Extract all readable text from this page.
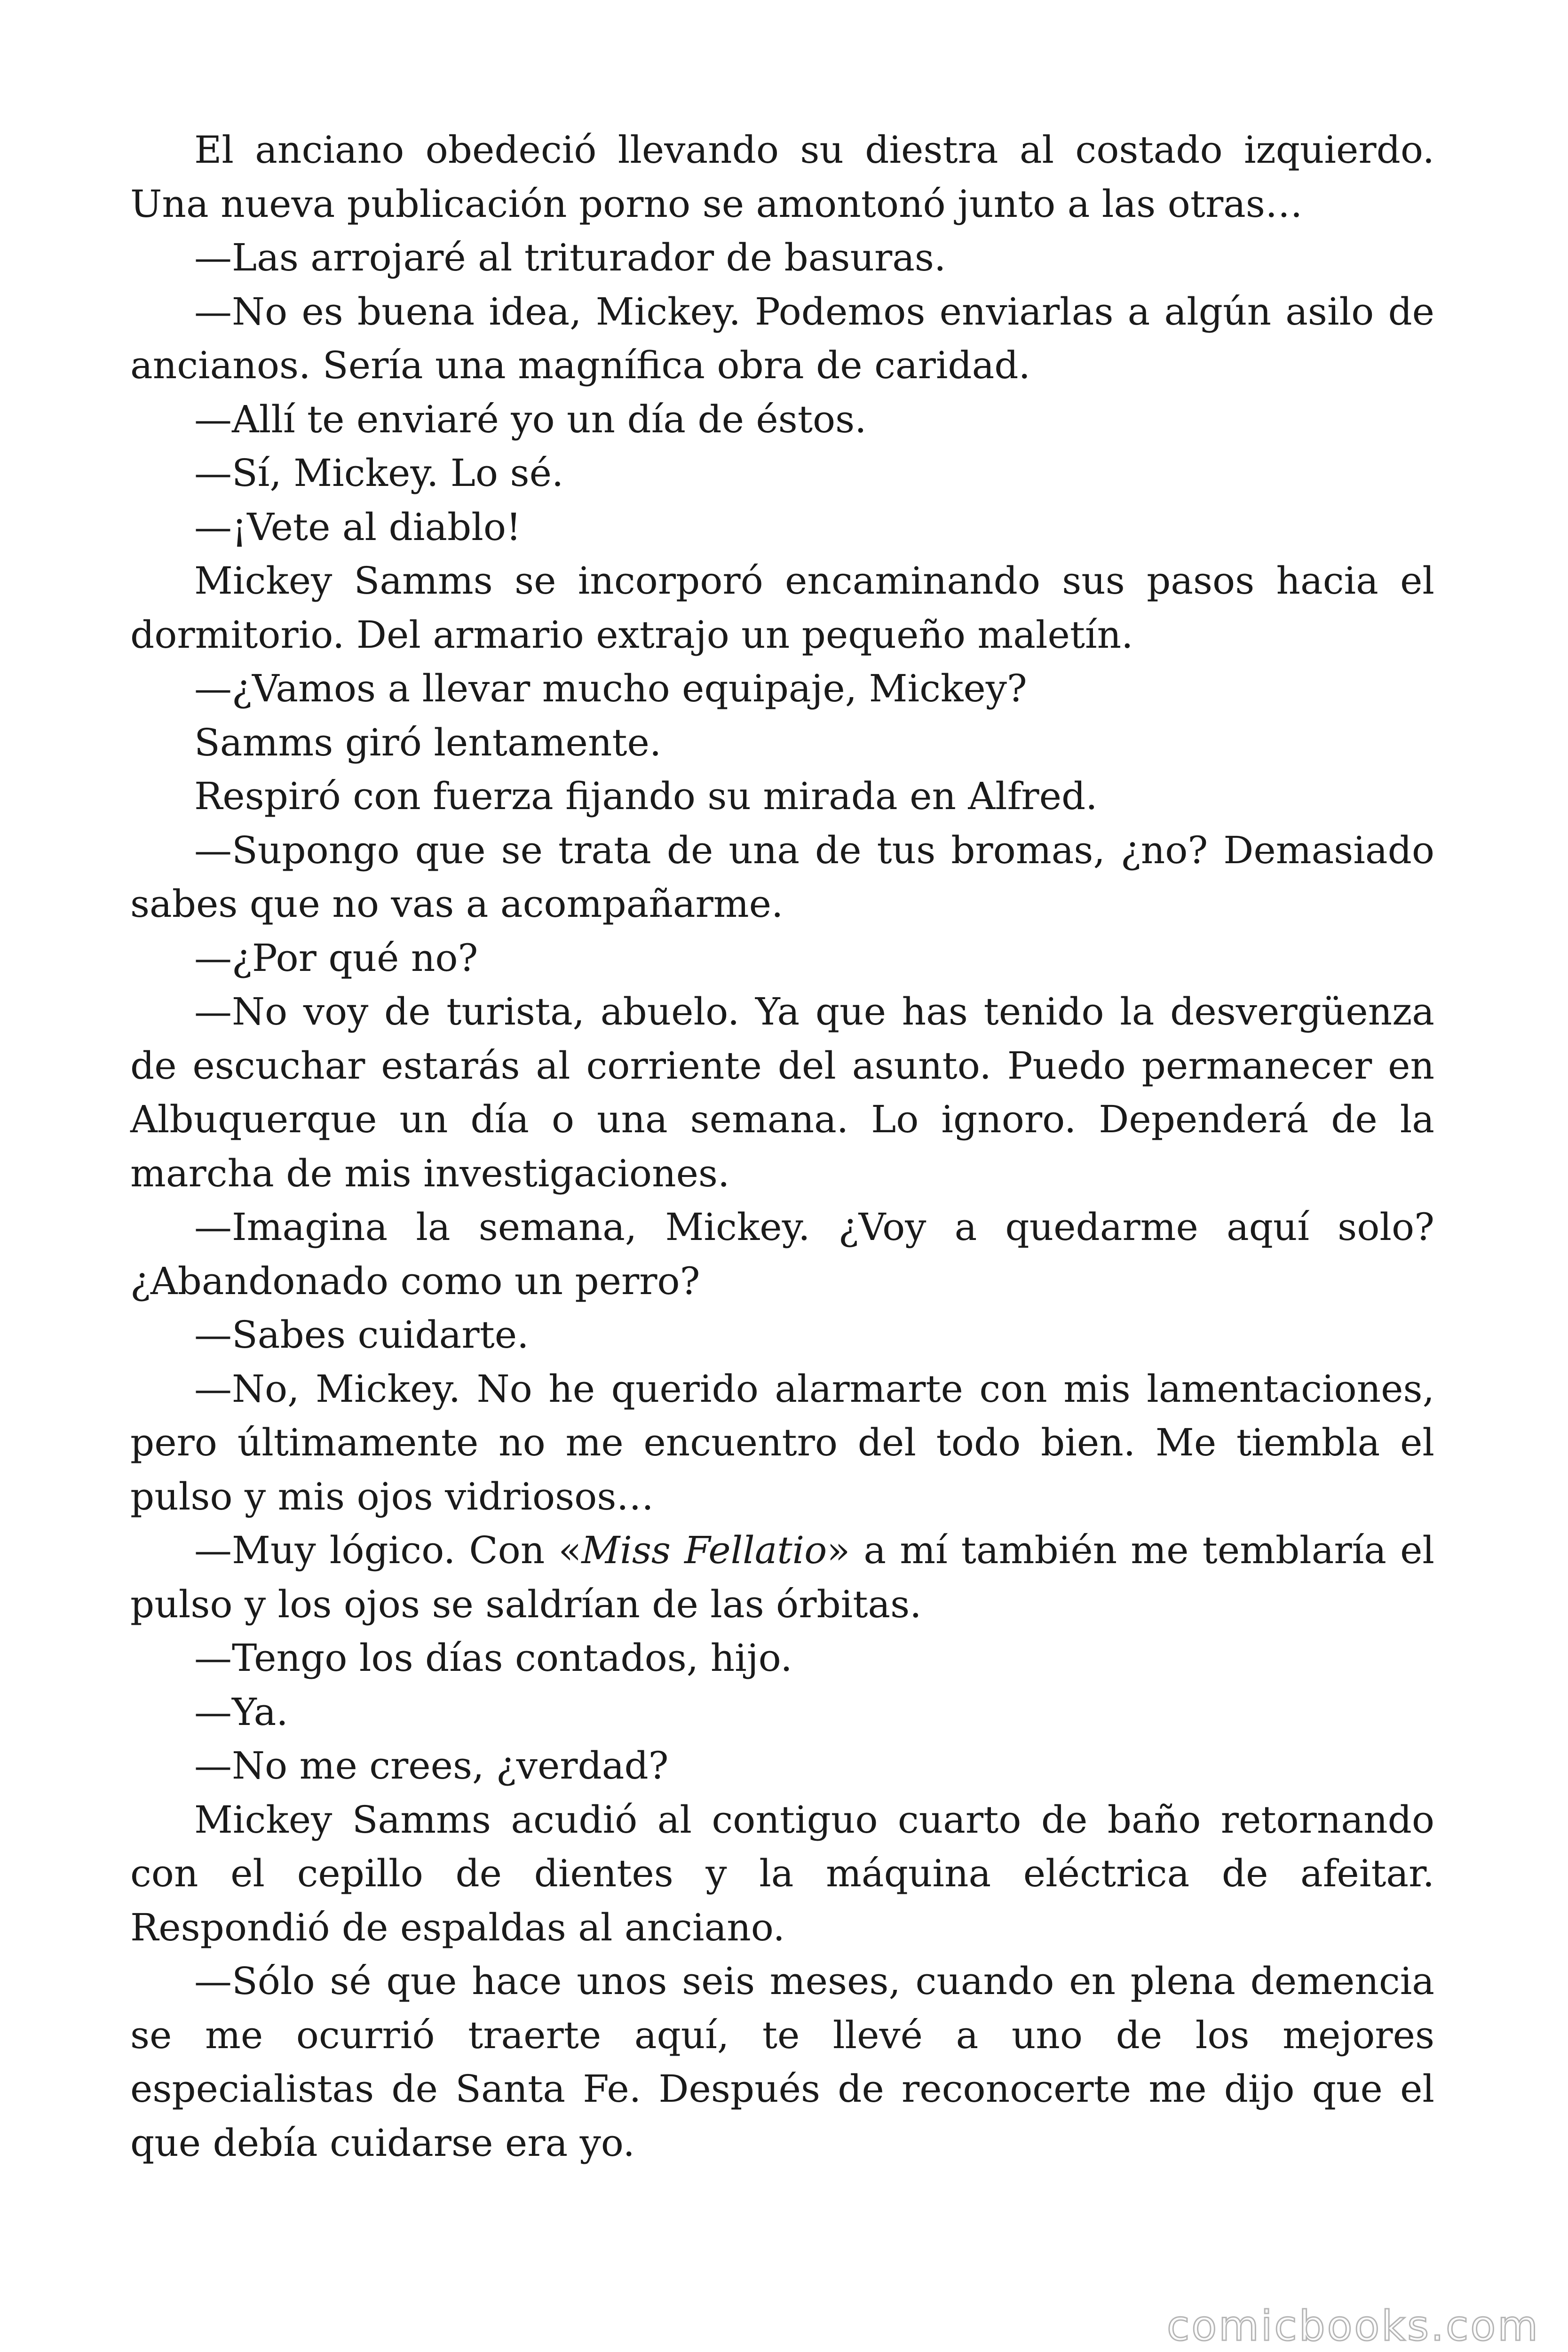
El anciano obedeció llevando su diestra al costado izquierdo. Una nueva publicación porno se amontonó junto a las otras…

—Las arrojaré al triturador de basuras.

—No es buena idea, Mickey. Podemos enviarlas a algún asilo de ancianos. Sería una magnífica obra de caridad.

—Allí te enviaré yo un día de éstos.

—Sí, Mickey. Lo sé.

—¡Vete al diablo!

Mickey Samms se incorporó encaminando sus pasos hacia el dormitorio. Del armario extrajo un pequeño maletín.

—¿Vamos a llevar mucho equipaje, Mickey?

Samms giró lentamente.

Respiró con fuerza fijando su mirada en Alfred.

—Supongo que se trata de una de tus bromas, ¿no? Demasiado sabes que no vas a acompañarme.

—¿Por qué no?

—No voy de turista, abuelo. Ya que has tenido la desvergüenza de escuchar estarás al corriente del asunto. Puedo permanecer en Albuquerque un día o una semana. Lo ignoro. Dependerá de la marcha de mis investigaciones.

—Imagina la semana, Mickey. ¿Voy a quedarme aquí solo? ¿Abandonado como un perro?

—Sabes cuidarte.

—No, Mickey. No he querido alarmarte con mis lamentaciones, pero últimamente no me encuentro del todo bien. Me tiembla el pulso y mis ojos vidriosos…

—Muy lógico. Con «Miss Fellatio» a mí también me temblaría el pulso y los ojos se saldrían de las órbitas.

—Tengo los días contados, hijo.

—Ya.

—No me crees, ¿verdad?

Mickey Samms acudió al contiguo cuarto de baño retornando con el cepillo de dientes y la máquina eléctrica de afeitar. Respondió de espaldas al anciano.

—Sólo sé que hace unos seis meses, cuando en plena demencia se me ocurrió traerte aquí, te llevé a uno de los mejores especialistas de Santa Fe. Después de reconocerte me dijo que el que debía cuidarse era yo.

comicbooks.com
